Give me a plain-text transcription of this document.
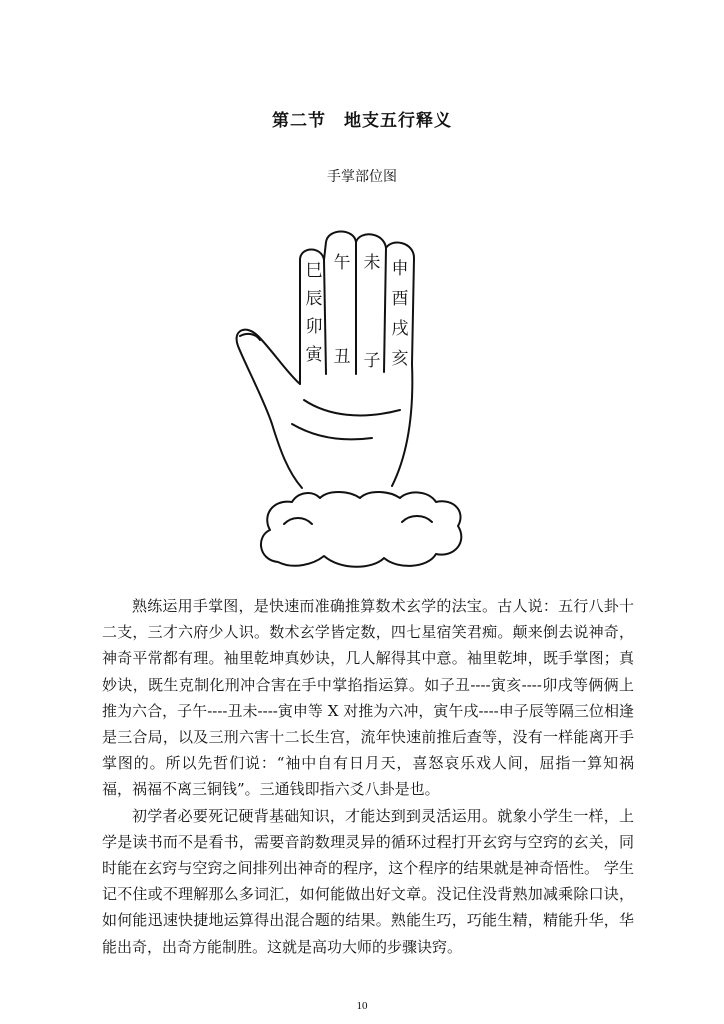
第二节　地支五行释义
手掌部位图
巳
辰
卯
寅
午
丑
未
子
申
酉
戌
亥

熟练运用手掌图，是快速而准确推算数术玄学的法宝。古人说：五行八卦十二支，三才六府少人识。数术玄学皆定数，四七星宿笑君痴。颠来倒去说神奇，神奇平常都有理。袖里乾坤真妙诀，几人解得其中意。袖里乾坤，既手掌图；真妙诀，既生克制化刑冲合害在手中掌掐指运算。如子丑----寅亥----卯戌等俩俩上推为六合，子午----丑未----寅申等 X 对推为六冲，寅午戌----申子辰等隔三位相逢是三合局，以及三刑六害十二长生宫，流年快速前推后查等，没有一样能离开手掌图的。所以先哲们说：“袖中自有日月天，喜怒哀乐戏人间，屈指一算知祸福，祸福不离三铜钱”。三通钱即指六爻八卦是也。

初学者必要死记硬背基础知识，才能达到到灵活运用。就象小学生一样，上学是读书而不是看书，需要音韵数理灵异的循环过程打开玄窍与空窍的玄关，同时能在玄窍与空窍之间排列出神奇的程序，这个程序的结果就是神奇悟性。 学生记不住或不理解那么多词汇，如何能做出好文章。没记住没背熟加减乘除口诀，如何能迅速快捷地运算得出混合题的结果。熟能生巧，巧能生精，精能升华，华能出奇，出奇方能制胜。这就是高功大师的步骤诀窍。

10
